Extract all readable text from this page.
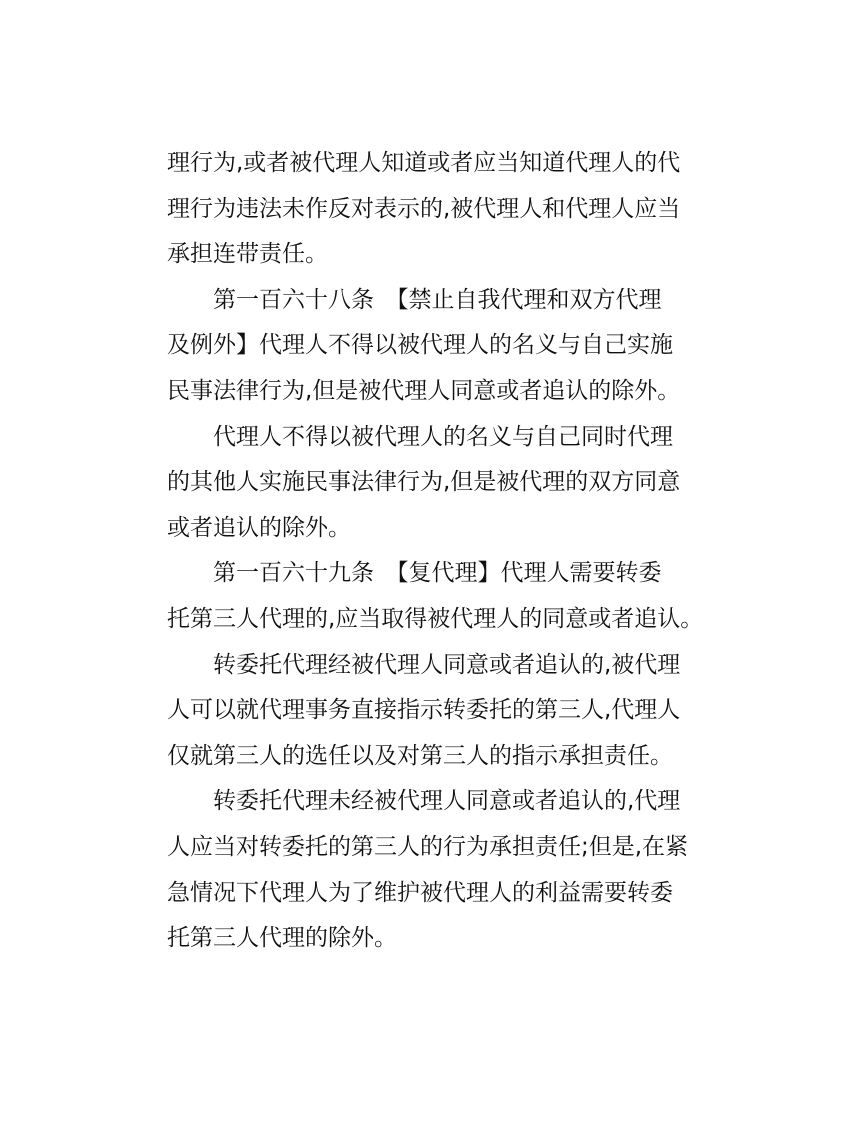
理行为,或者被代理人知道或者应当知道代理人的代
理行为违法未作反对表示的,被代理人和代理人应当
承担连带责任。
第一百六十八条　【禁止自我代理和双方代理
及例外】代理人不得以被代理人的名义与自己实施
民事法律行为,但是被代理人同意或者追认的除外。
代理人不得以被代理人的名义与自己同时代理
的其他人实施民事法律行为,但是被代理的双方同意
或者追认的除外。
第一百六十九条　【复代理】代理人需要转委
托第三人代理的,应当取得被代理人的同意或者追认。
转委托代理经被代理人同意或者追认的,被代理
人可以就代理事务直接指示转委托的第三人,代理人
仅就第三人的选任以及对第三人的指示承担责任。
转委托代理未经被代理人同意或者追认的,代理
人应当对转委托的第三人的行为承担责任;但是,在紧
急情况下代理人为了维护被代理人的利益需要转委
托第三人代理的除外。
